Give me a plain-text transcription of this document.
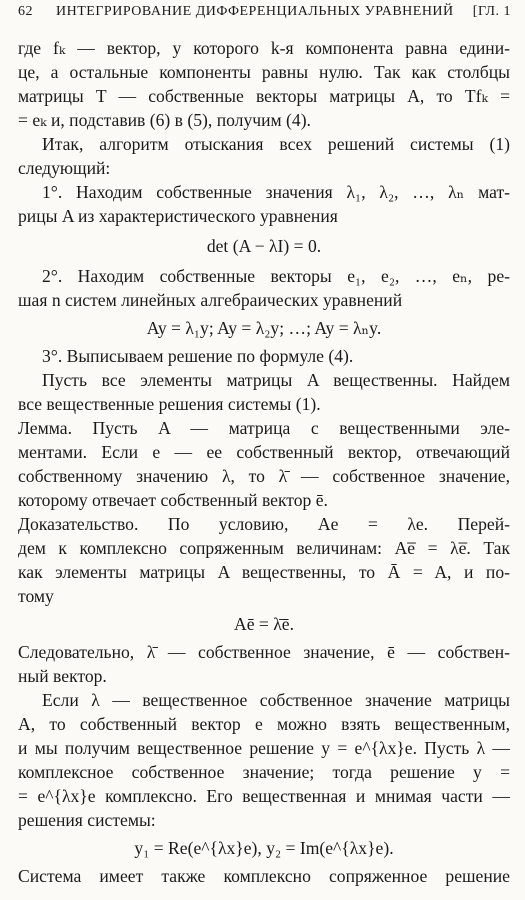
62 ИНТЕГРИРОВАНИЕ ДИФФЕРЕНЦИАЛЬНЫХ УРАВНЕНИЙ [ГЛ. 1
где fₖ — вектор, у которого k-я компонента равна едини-
це, а остальные компоненты равны нулю. Так как столбцы
матрицы T — собственные векторы матрицы A, то Tfₖ =
= eₖ и, подставив (6) в (5), получим (4).
Итак, алгоритм отыскания всех решений системы (1)
следующий:
1°. Находим собственные значения λ₁, λ₂, …, λₙ мат-
рицы A из характеристического уравнения
det (A − λI) = 0.
2°. Находим собственные векторы e₁, e₂, …, eₙ, ре-
шая n систем линейных алгебраических уравнений
Ay = λ₁y; Ay = λ₂y; …; Ay = λₙy.
3°. Выписываем решение по формуле (4).
Пусть все элементы матрицы A вещественны. Найдем
все вещественные решения системы (1).
Лемма. Пусть A — матрица с вещественными эле-
ментами. Если e — ее собственный вектор, отвечающий
собственному значению λ, то λ̄ — собственное значение,
которому отвечает собственный вектор ē.
Доказательство. По условию, Ae = λe. Перей-
дем к комплексно сопряженным величинам: Ae̅ = λe̅. Так
как элементы матрицы A вещественны, то Ā = A, и по-
тому
Aē = λ̄ē.
Следовательно, λ̄ — собственное значение, ē — собствен-
ный вектор.
Если λ — вещественное собственное значение матрицы
A, то собственный вектор e можно взять вещественным,
и мы получим вещественное решение y = e^{λx}e. Пусть λ —
комплексное собственное значение; тогда решение y =
= e^{λx}e комплексно. Его вещественная и мнимая части —
решения системы:
y₁ = Re(e^{λx}e), y₂ = Im(e^{λx}e).
Система имеет также комплексно сопряженное решение
